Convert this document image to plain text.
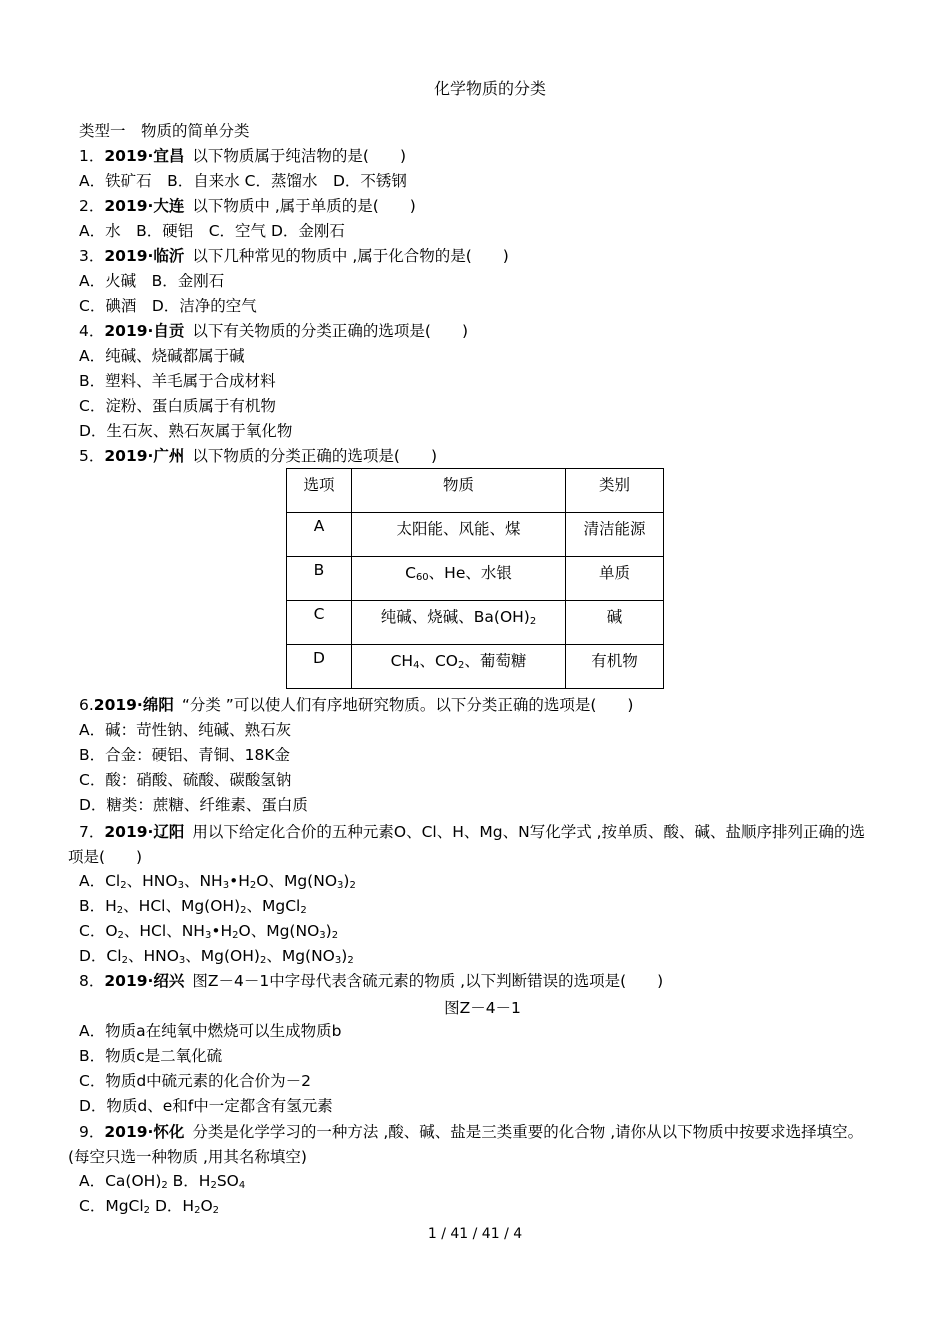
化学物质的分类
类型一　物质的简单分类
1．2019·宜昌 以下物质属于纯洁物的是(　　)
A．铁矿石　B．自来水 C．蒸馏水　D．不锈钢
2．2019·大连 以下物质中 ,属于单质的是(　　)
A．水　B．硬铝　C．空气 D．金刚石
3．2019·临沂 以下几种常见的物质中 ,属于化合物的是(　　)
A．火碱　B．金刚石
C．碘酒　D．洁净的空气
4．2019·自贡 以下有关物质的分类正确的选项是(　　)
A．纯碱、烧碱都属于碱
B．塑料、羊毛属于合成材料
C．淀粉、蛋白质属于有机物
D．生石灰、熟石灰属于氧化物
5．2019·广州 以下物质的分类正确的选项是(　　)
选项	物质	类别
A	太阳能、风能、煤	清洁能源
B	$C_{60}$、He、水银	单质
C	纯碱、烧碱、$Ba(OH)_2$	碱
D	$CH_4$、$CO_2$、葡萄糖	有机物
6.2019·绵阳 “分类 ”可以使人们有序地研究物质。以下分类正确的选项是(　　)
A．碱：苛性钠、纯碱、熟石灰
B．合金：硬铝、青铜、18K金
C．酸：硝酸、硫酸、碳酸氢钠
D．糖类：蔗糖、纤维素、蛋白质
7．2019·辽阳 用以下给定化合价的五种元素O、Cl、H、Mg、N写化学式 ,按单质、酸、碱、盐顺序排列正确的选项是(　　)
A．$Cl_2$、$HNO_3$、$NH_3•H_2O$、$Mg(NO_3)_2$
B．$H_2$、HCl、$Mg(OH)_2$、MgCl$_2$
C．$O_2$、HCl、$NH_3•H_2O$、$Mg(NO_3)_2$
D．$Cl_2$、$HNO_3$、$Mg(OH)_2$、$Mg(NO_3)_2$
8．2019·绍兴 图Z－4－1中字母代表含硫元素的物质 ,以下判断错误的选项是(　　)
图Z－4－1
A．物质a在纯氧中燃烧可以生成物质b
B．物质c是二氧化硫
C．物质d中硫元素的化合价为－2
D．物质d、e和f中一定都含有氢元素
9．2019·怀化 分类是化学学习的一种方法 ,酸、碱、盐是三类重要的化合物 ,请你从以下物质中按要求选择填空。(每空只选一种物质 ,用其名称填空)
A．$Ca(OH)_2$ B．$H_2SO_4$
C．MgCl$_2$ D．$H_2O_2$
1 / 41 / 41 / 4
